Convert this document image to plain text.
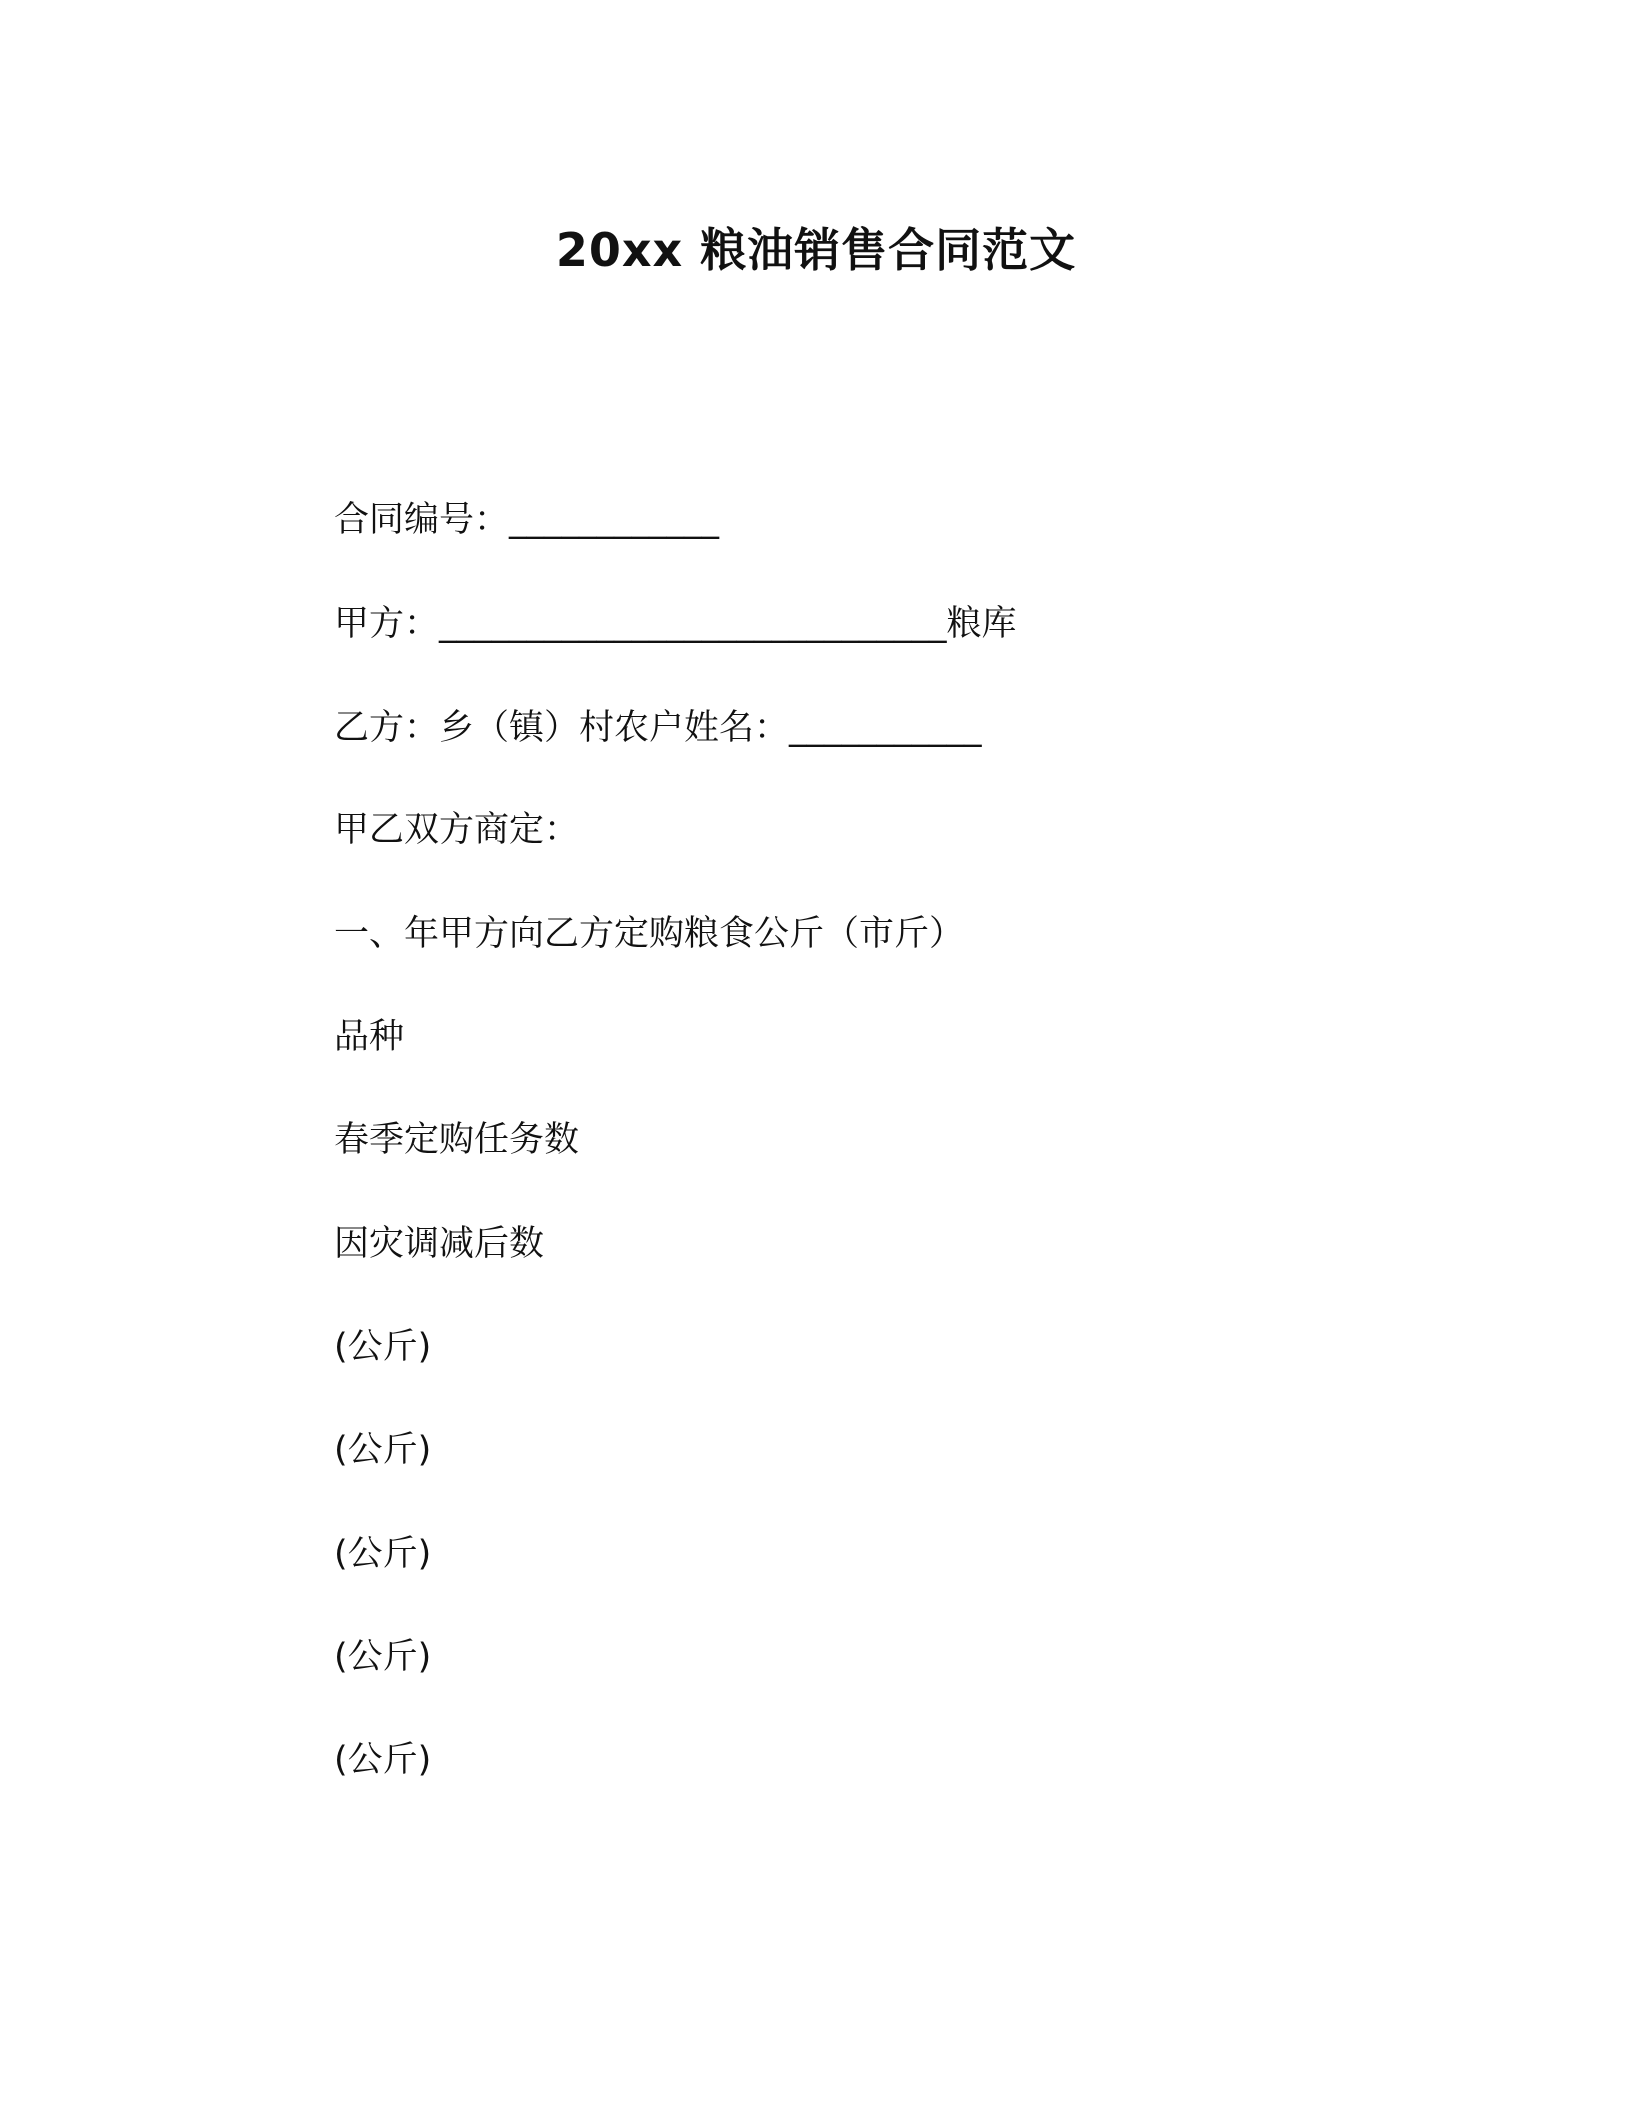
20xx 粮油销售合同范文
合同编号：____________
甲方：_____________________________粮库
乙方：乡（镇）村农户姓名：___________
甲乙双方商定：
一、年甲方向乙方定购粮食公斤（市斤）
品种
春季定购任务数
因灾调减后数
(公斤)
(公斤)
(公斤)
(公斤)
(公斤)
